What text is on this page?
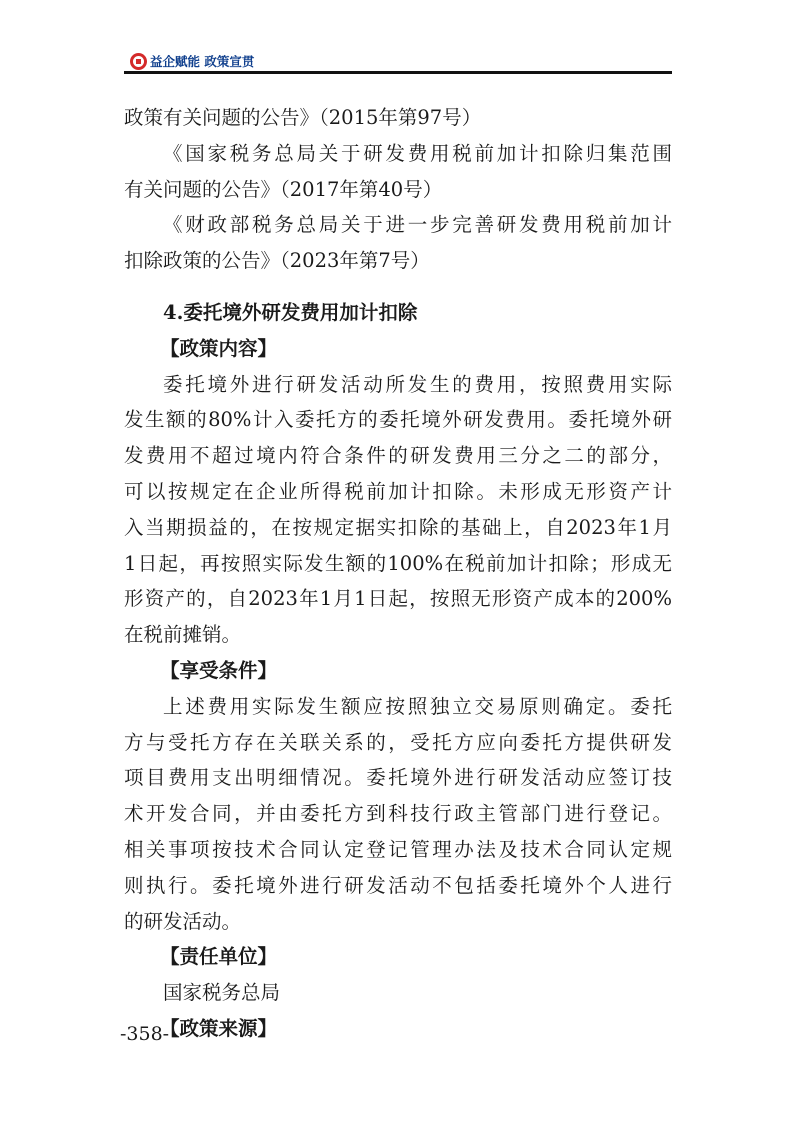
益企赋能 政策宣贯
政策有关问题的公告》（2015年第97号）
《国家税务总局关于研发费用税前加计扣除归集范围
有关问题的公告》（2017年第40号）
《财政部税务总局关于进一步完善研发费用税前加计
扣除政策的公告》（2023年第7号）
4.委托境外研发费用加计扣除
【政策内容】
委托境外进行研发活动所发生的费用，按照费用实际
发生额的80%计入委托方的委托境外研发费用。委托境外研
发费用不超过境内符合条件的研发费用三分之二的部分，
可以按规定在企业所得税前加计扣除。未形成无形资产计
入当期损益的，在按规定据实扣除的基础上，自2023年1月
1日起，再按照实际发生额的100%在税前加计扣除；形成无
形资产的，自2023年1月1日起，按照无形资产成本的200%
在税前摊销。
【享受条件】
上述费用实际发生额应按照独立交易原则确定。委托
方与受托方存在关联关系的，受托方应向委托方提供研发
项目费用支出明细情况。委托境外进行研发活动应签订技
术开发合同，并由委托方到科技行政主管部门进行登记。
相关事项按技术合同认定登记管理办法及技术合同认定规
则执行。委托境外进行研发活动不包括委托境外个人进行
的研发活动。
【责任单位】
国家税务总局
【政策来源】
-358-
